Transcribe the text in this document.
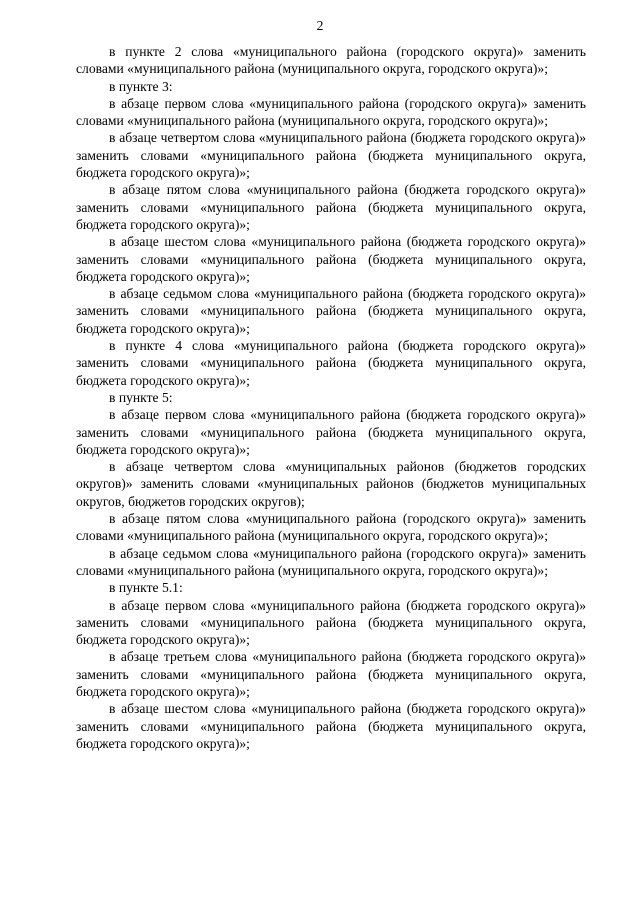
2

в пункте 2 слова «муниципального района (городского округа)» заменить словами «муниципального района (муниципального округа, городского округа)»;

в пункте 3:

в абзаце первом слова «муниципального района (городского округа)» заменить словами «муниципального района (муниципального округа, городского округа)»;

в абзаце четвертом слова «муниципального района (бюджета городского округа)» заменить словами «муниципального района (бюджета муниципального округа, бюджета городского округа)»;

в абзаце пятом слова «муниципального района (бюджета городского округа)» заменить словами «муниципального района (бюджета муниципального округа, бюджета городского округа)»;

в абзаце шестом слова «муниципального района (бюджета городского округа)» заменить словами «муниципального района (бюджета муниципального округа, бюджета городского округа)»;

в абзаце седьмом слова «муниципального района (бюджета городского округа)» заменить словами «муниципального района (бюджета муниципального округа, бюджета городского округа)»;

в пункте 4 слова «муниципального района (бюджета городского округа)» заменить словами «муниципального района (бюджета муниципального округа, бюджета городского округа)»;

в пункте 5:

в абзаце первом слова «муниципального района (бюджета городского округа)» заменить словами «муниципального района (бюджета муниципального округа, бюджета городского округа)»;

в абзаце четвертом слова «муниципальных районов (бюджетов городских округов)» заменить словами «муниципальных районов (бюджетов муниципальных округов, бюджетов городских округов);

в абзаце пятом слова «муниципального района (городского округа)» заменить словами «муниципального района (муниципального округа, городского округа)»;

в абзаце седьмом слова «муниципального района (городского округа)» заменить словами «муниципального района (муниципального округа, городского округа)»;

в пункте 5.1:

в абзаце первом слова «муниципального района (бюджета городского округа)» заменить словами «муниципального района (бюджета муниципального округа, бюджета городского округа)»;

в абзаце третьем слова «муниципального района (бюджета городского округа)» заменить словами «муниципального района (бюджета муниципального округа, бюджета городского округа)»;

в абзаце шестом слова «муниципального района (бюджета городского округа)» заменить словами «муниципального района (бюджета муниципального округа, бюджета городского округа)»;
